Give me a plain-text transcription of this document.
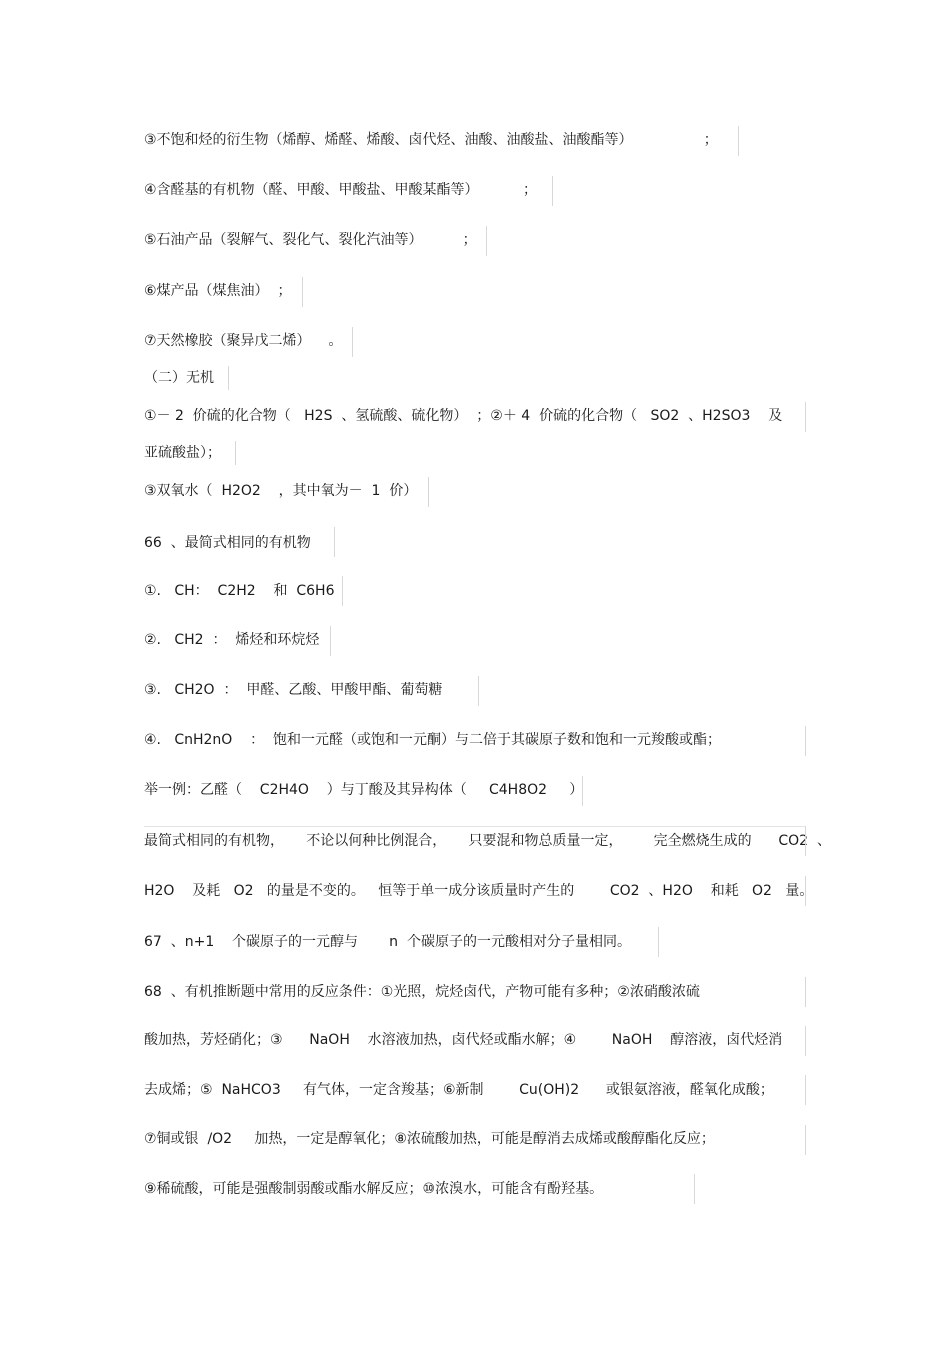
③不饱和烃的衍生物（烯醇、烯醛、烯酸、卤代烃、油酸、油酸盐、油酸酯等）                ；
④含醛基的有机物（醛、甲酸、甲酸盐、甲酸某酯等）          ；
⑤石油产品（裂解气、裂化气、裂化汽油等）         ；
⑥煤产品（煤焦油）  ；
⑦天然橡胶（聚异戊二烯）    。
（二）无机
①－ 2  价硫的化合物（   H2S  、氢硫酸、硫化物）  ；②＋ 4  价硫的化合物（   SO2  、H2SO3    及
亚硫酸盐）；
③双氧水（  H2O2    ，其中氧为－  1  价）
66  、最简式相同的有机物
①.   CH：  C2H2    和  C6H6
②.   CH2  ：  烯烃和环烷烃
③.   CH2O  ：  甲醛、乙酸、甲酸甲酯、葡萄糖
④.   CnH2nO    ：  饱和一元醛（或饱和一元酮）与二倍于其碳原子数和饱和一元羧酸或酯；
举一例：乙醛（    C2H4O    ）与丁酸及其异构体（     C4H8O2     ）
最简式相同的有机物，     不论以何种比例混合，     只要混和物总质量一定，       完全燃烧生成的      CO2  、
H2O    及耗   O2   的量是不变的。   恒等于单一成分该质量时产生的        CO2  、H2O    和耗   O2   量。
67  、n+1    个碳原子的一元醇与       n  个碳原子的一元酸相对分子量相同。
68  、有机推断题中常用的反应条件：①光照，烷烃卤代，产物可能有多种；②浓硝酸浓硫
酸加热，芳烃硝化；③      NaOH    水溶液加热，卤代烃或酯水解；④        NaOH    醇溶液，卤代烃消
去成烯；⑤  NaHCO3     有气体，一定含羧基；⑥新制        Cu(OH)2      或银氨溶液，醛氧化成酸；
⑦铜或银  /O2     加热，一定是醇氧化；⑧浓硫酸加热，可能是醇消去成烯或酸醇酯化反应；
⑨稀硫酸，可能是强酸制弱酸或酯水解反应；⑩浓溴水，可能含有酚羟基。
